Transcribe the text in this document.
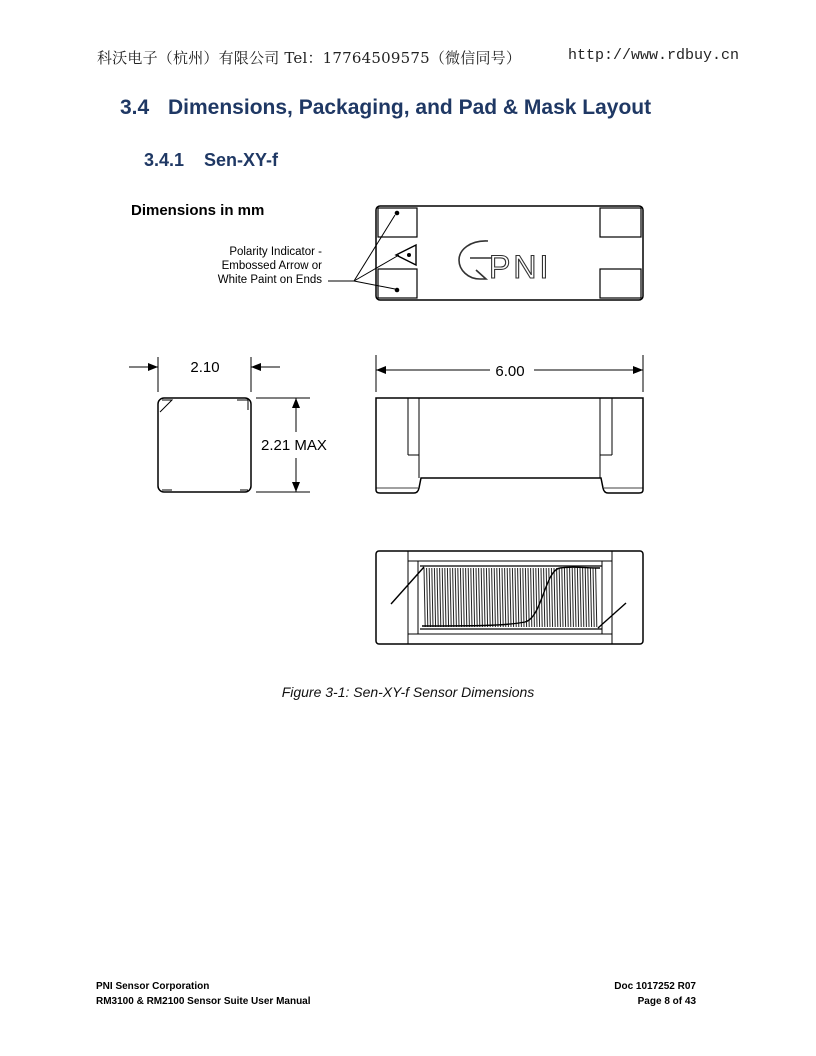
科沃电子（杭州）有限公司 Tel：17764509575（微信同号）	http://www.rdbuy.cn
3.4 Dimensions, Packaging, and Pad & Mask Layout
3.4.1 Sen-XY-f
Dimensions in mm
Polarity Indicator -
Embossed Arrow or
White Paint on Ends	PNI
2.10
2.21 MAX
6.00
Figure 3-1: Sen-XY-f Sensor Dimensions
PNI Sensor Corporation
RM3100 & RM2100 Sensor Suite User Manual
Doc 1017252 R07
Page 8 of 43
